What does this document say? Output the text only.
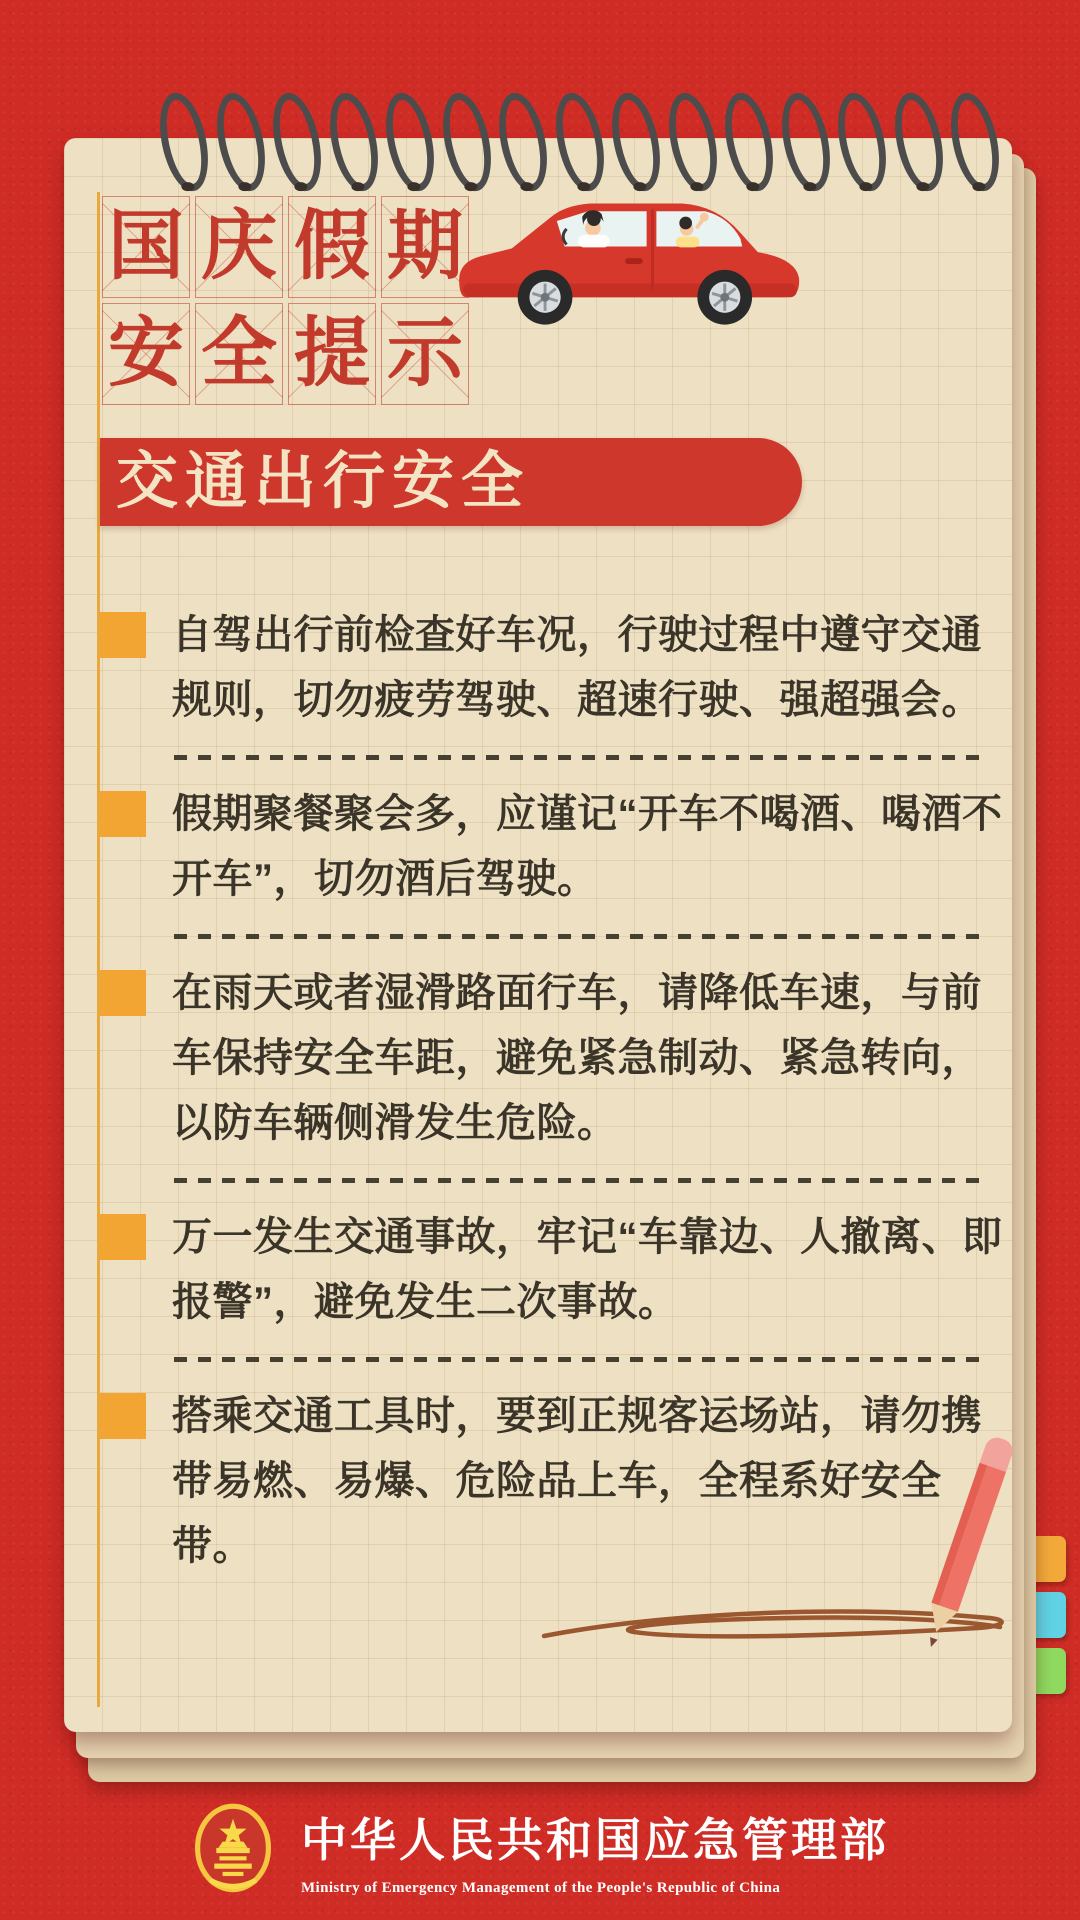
国 庆 假 期
安 全 提 示
交通出行安全

自驾出行前检查好车况，行驶过程中遵守交通规则，切勿疲劳驾驶、超速行驶、强超强会。

假期聚餐聚会多，应谨记“开车不喝酒、喝酒不开车”，切勿酒后驾驶。

在雨天或者湿滑路面行车，请降低车速，与前车保持安全车距，避免紧急制动、紧急转向，以防车辆侧滑发生危险。

万一发生交通事故，牢记“车靠边、人撤离、即报警”，避免发生二次事故。

搭乘交通工具时，要到正规客运场站，请勿携带易燃、易爆、危险品上车，全程系好安全带。

中华人民共和国应急管理部
Ministry of Emergency Management of the People's Republic of China
